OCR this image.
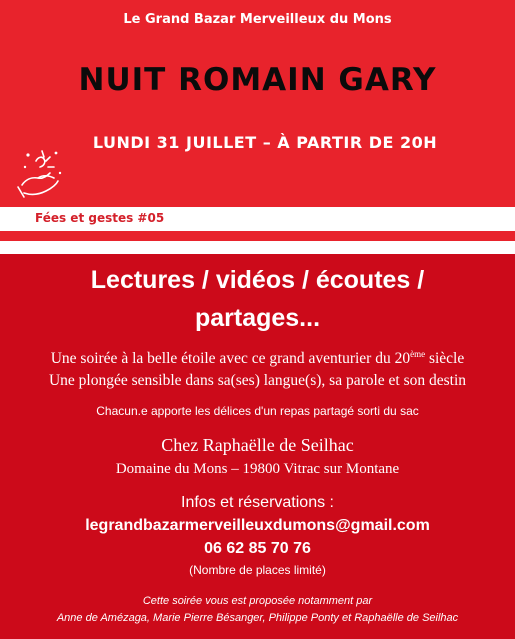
Le Grand Bazar Merveilleux du Mons
NUIT ROMAIN GARY
LUNDI 31 JUILLET – À PARTIR DE 20H
Fées et gestes #05
Lectures / vidéos / écoutes /
partages...
Une soirée à la belle étoile avec ce grand aventurier du 20ème siècle
Une plongée sensible dans sa(ses) langue(s), sa parole et son destin
Chacun.e apporte les délices d'un repas partagé sorti du sac
Chez Raphaëlle de Seilhac
Domaine du Mons – 19800 Vitrac sur Montane
Infos et réservations :
legrandbazarmerveilleuxdumons@gmail.com
06 62 85 70 76
(Nombre de places limité)
Cette soirée vous est proposée notamment par
Anne de Amézaga, Marie Pierre Bésanger, Philippe Ponty et Raphaëlle de Seilhac
